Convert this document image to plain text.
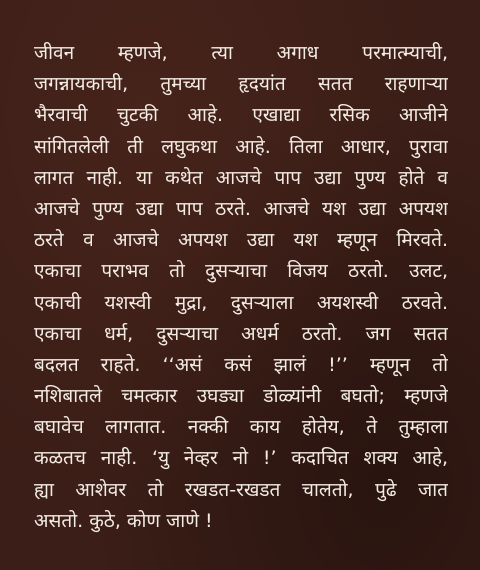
जीवन म्हणजे, त्या अगाध परमात्म्याची,
जगन्नायकाची, तुमच्या हृदयांत सतत राहणाऱ्या
भैरवाची चुटकी आहे. एखाद्या रसिक आजीने
सांगितलेली ती लघुकथा आहे. तिला आधार, पुरावा
लागत नाही. या कथेत आजचे पाप उद्या पुण्य होते व
आजचे पुण्य उद्या पाप ठरते. आजचे यश उद्या अपयश
ठरते व आजचे अपयश उद्या यश म्हणून मिरवते.
एकाचा पराभव तो दुसऱ्याचा विजय ठरतो. उलट,
एकाची यशस्वी मुद्रा, दुसऱ्याला अयशस्वी ठरवते.
एकाचा धर्म, दुसऱ्याचा अधर्म ठरतो. जग सतत
बदलत राहते. ‘‘असं कसं झालं !’’ म्हणून तो
नशिबातले चमत्कार उघड्या डोळ्यांनी बघतो; म्हणजे
बघावेच लागतात. नक्की काय होतेय, ते तुम्हाला
कळतच नाही. ‘यु नेव्हर नो !’ कदाचित शक्य आहे,
ह्या आशेवर तो रखडत-रखडत चालतो, पुढे जात
असतो. कुठे, कोण जाणे !
